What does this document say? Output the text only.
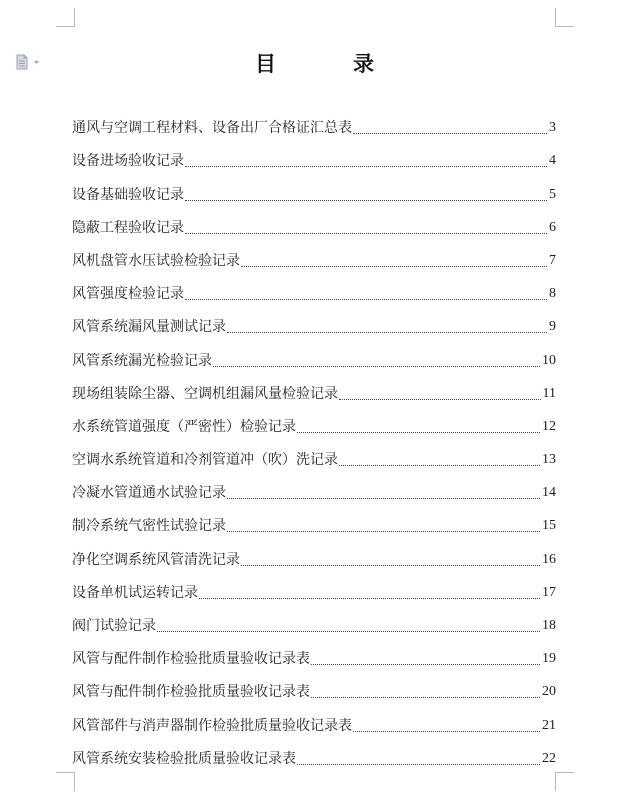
目　录
通风与空调工程材料、设备出厂合格证汇总表	3
设备进场验收记录	4
设备基础验收记录	5
隐蔽工程验收记录	6
风机盘管水压试验检验记录	7
风管强度检验记录	8
风管系统漏风量测试记录	9
风管系统漏光检验记录	10
现场组装除尘器、空调机组漏风量检验记录	11
水系统管道强度（严密性）检验记录	12
空调水系统管道和冷剂管道冲（吹）洗记录	13
冷凝水管道通水试验记录	14
制冷系统气密性试验记录	15
净化空调系统风管清洗记录	16
设备单机试运转记录	17
阀门试验记录	18
风管与配件制作检验批质量验收记录表	19
风管与配件制作检验批质量验收记录表	20
风管部件与消声器制作检验批质量验收记录表	21
风管系统安装检验批质量验收记录表	22
